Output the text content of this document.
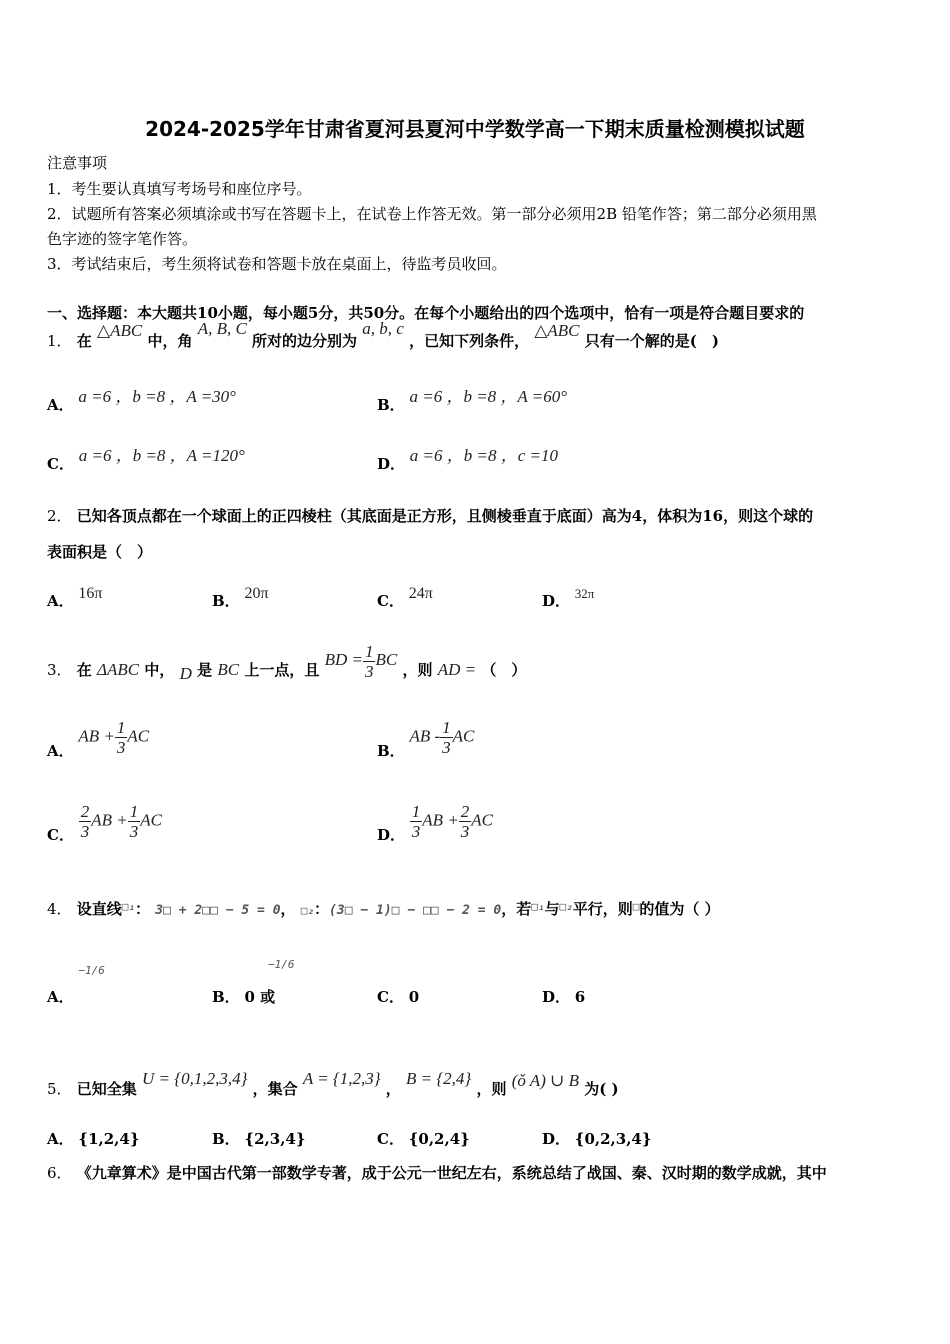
2024-2025学年甘肃省夏河县夏河中学数学高一下期末质量检测模拟试题
注意事项
1．考生要认真填写考场号和座位序号。
2．试题所有答案必须填涂或书写在答题卡上，在试卷上作答无效。第一部分必须用2B 铅笔作答；第二部分必须用黑
色字迹的签字笔作答。
3．考试结束后，考生须将试卷和答题卡放在桌面上，待监考员收回。
一、选择题：本大题共10小题，每小题5分，共50分。在每个小题给出的四个选项中，恰有一项是符合题目要求的
1． 在 △ABC 中，角 A, B, C 所对的边分别为 a, b, c ，已知下列条件， △ABC 只有一个解的是(　)
A． a =6 ，b =8 ，A =30°	B． a =6 ，b =8 ，A =60°
C． a =6 ，b =8 ，A =120°	D． a =6 ，b =8 ，c =10
2． 已知各顶点都在一个球面上的正四棱柱（其底面是正方形，且侧棱垂直于底面）高为4，体积为16，则这个球的
表面积是（　）
A． 16π	B． 20π	C． 24π	D． 32π
3． 在 ΔABC 中， D 是 BC 上一点，且 BD = $\frac{1}{3}$ BC ，则 AD = （　）
A． AB + $\frac{1}{3}$ AC
B． AB - $\frac{1}{3}$ AC
C． $\frac{2}{3}$ AB + $\frac{1}{3}$ AC
D． $\frac{1}{3}$ AB + $\frac{2}{3}$ AC
4． 设直线$^{□_1}$： 3□ + 2□□ − 5 = 0， □₂：(3□ − 1)□ − □□ − 2 = 0，若$^{□_1}$与$^{□_2}$平行，则□的值为（ ）
A． −1/6
B． 0 或
−1/6
C． 0	D． 6
5． 已知全集 U = {0,1,2,3,4} ，集合 A = {1,2,3} ， B = {2,4} ，则 (ǒ A) ∪ B 为( )
A． {1,2,4}	B． {2,3,4}	C． {0,2,4}	D． {0,2,3,4}
6． 《九章算术》是中国古代第一部数学专著，成于公元一世纪左右，系统总结了战国、秦、汉时期的数学成就，其中
